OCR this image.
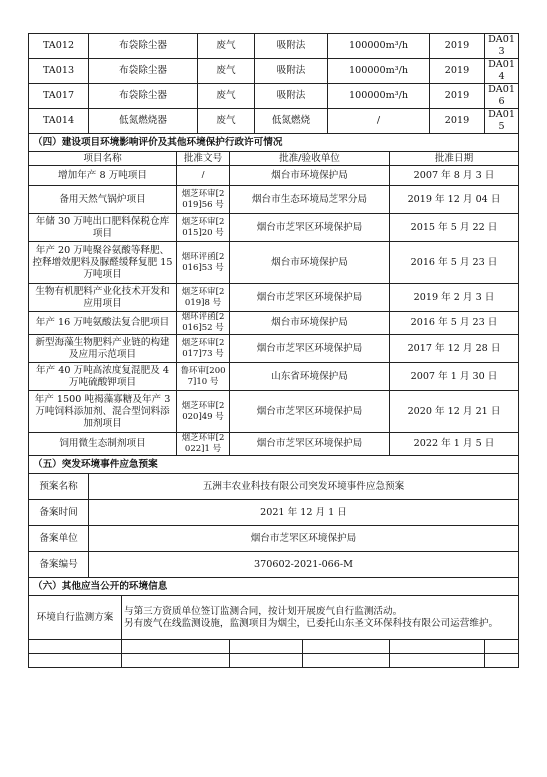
TA012	布袋除尘器			废气		吸附法		100000m³/h		2019	DA013
TA013	布袋除尘器			废气		吸附法		100000m³/h		2019	DA014
TA017	布袋除尘器			废气		吸附法		100000m³/h		2019	DA016
TA014	低氮燃烧器			废气		低氮燃烧		/		2019	DA015
（四）建设项目环境影响评价及其他环境保护行政许可情况											
项目名称			批准文号		批准/验收单位				批准日期		
增加年产 8 万吨项目			/		烟台市环境保护局				2007 年 8 月 3 日		
备用天然气锅炉项目			烟芝环审[2019]56 号		烟台市生态环境局芝罘分局				2019 年 12 月 04 日		
年储 30 万吨出口肥料保税仓库项目			烟芝环审[2015]20 号		烟台市芝罘区环境保护局				2015 年 5 月 22 日		
年产 20 万吨聚谷氨酸等释肥、控释增效肥料及脲醛缓释复肥 15 万吨项目			烟环评函[2016]53 号		烟台市环境保护局				2016 年 5 月 23 日		
生物有机肥料产业化技术开发和应用项目			烟芝环审[2019]8 号		烟台市芝罘区环境保护局				2019 年 2 月 3 日		
年产 16 万吨氨酸法复合肥项目			烟环评函[2016]52 号		烟台市环境保护局				2016 年 5 月 23 日		
新型海藻生物肥料产业链的构建及应用示范项目			烟芝环审[2017]73 号		烟台市芝罘区环境保护局				2017 年 12 月 28 日		
年产 40 万吨高浓度复混肥及 4 万吨硫酸钾项目			鲁环审[2007]10 号		山东省环境保护局				2007 年 1 月 30 日		
年产 1500 吨褐藻寡糖及年产 3 万吨饲料添加剂、混合型饲料添加剂项目			烟芝环审[2020]49 号		烟台市芝罘区环境保护局				2020 年 12 月 21 日		
饲用微生态制剂项目			烟芝环审[2022]1 号		烟台市芝罘区环境保护局				2022 年 1 月 5 日		
（五）突发环境事件应急预案											
预案名称	五洲丰农业科技有限公司突发环境事件应急预案										
备案时间	2021 年 12 月 1 日										
备案单位	烟台市芝罘区环境保护局										
备案编号	370602-2021-066-M										
（六）其他应当公开的环境信息											
环境自行监测方案		与第三方资质单位签订监测合同，按计划开展废气自行监测活动。
另有废气在线监测设施，监测项目为烟尘，已委托山东圣文环保科技有限公司运营维护。									
